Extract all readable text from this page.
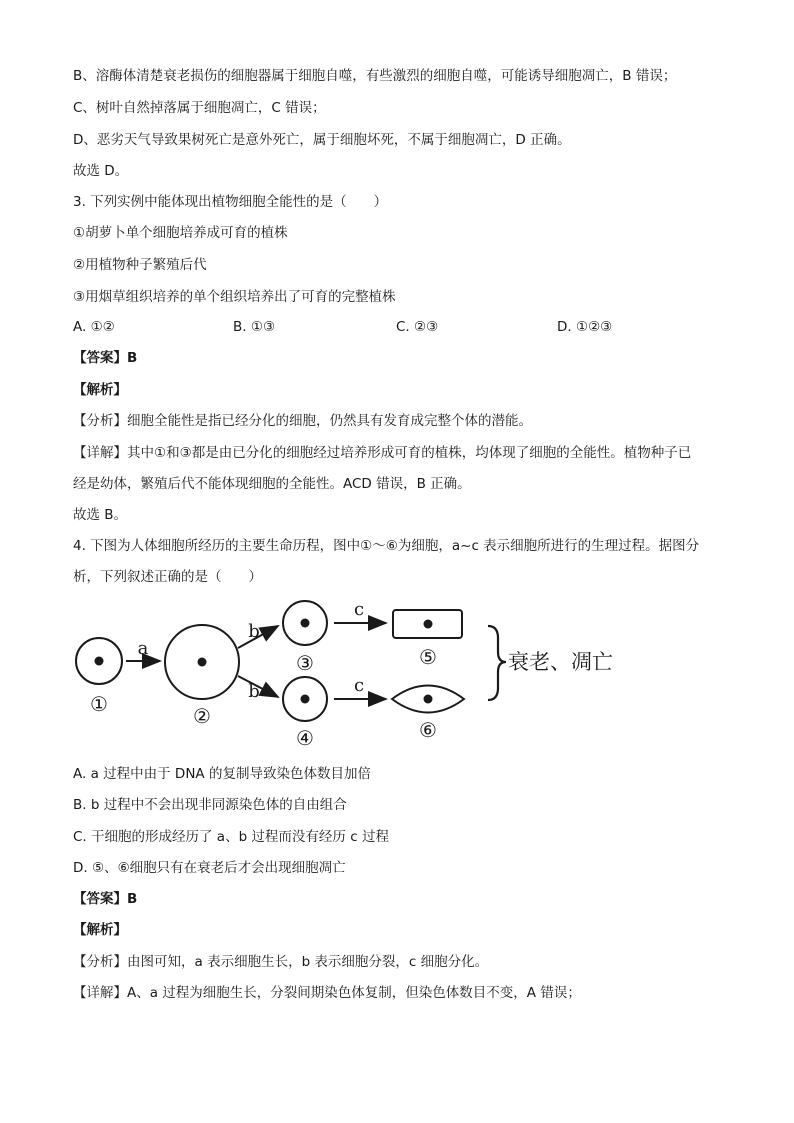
B、溶酶体清楚衰老损伤的细胞器属于细胞自噬，有些激烈的细胞自噬，可能诱导细胞凋亡，B 错误；
C、树叶自然掉落属于细胞凋亡，C 错误；
D、恶劣天气导致果树死亡是意外死亡，属于细胞坏死，不属于细胞凋亡，D 正确。
故选 D。
3. 下列实例中能体现出植物细胞全能性的是（　　）
①胡萝卜单个细胞培养成可育的植株
②用植物种子繁殖后代
③用烟草组织培养的单个组织培养出了可育的完整植株
A. ①②	B. ①③	C. ②③	D. ①②③
【答案】B
【解析】
【分析】细胞全能性是指已经分化的细胞，仍然具有发育成完整个体的潜能。
【详解】其中①和③都是由已分化的细胞经过培养形成可育的植株，均体现了细胞的全能性。植物种子已
经是幼体，繁殖后代不能体现细胞的全能性。ACD 错误，B 正确。
故选 B。
4. 下图为人体细胞所经历的主要生命历程，图中①～⑥为细胞，a~c 表示细胞所进行的生理过程。据图分
析，下列叙述正确的是（　　）
①
a
②
b
b
③
④
c
c
⑤
⑥
衰老、凋亡
A. a 过程中由于 DNA 的复制导致染色体数目加倍
B. b 过程中不会出现非同源染色体的自由组合
C. 干细胞的形成经历了 a、b 过程而没有经历 c 过程
D. ⑤、⑥细胞只有在衰老后才会出现细胞凋亡
【答案】B
【解析】
【分析】由图可知，a 表示细胞生长，b 表示细胞分裂，c 细胞分化。
【详解】A、a 过程为细胞生长，分裂间期染色体复制，但染色体数目不变，A 错误；
